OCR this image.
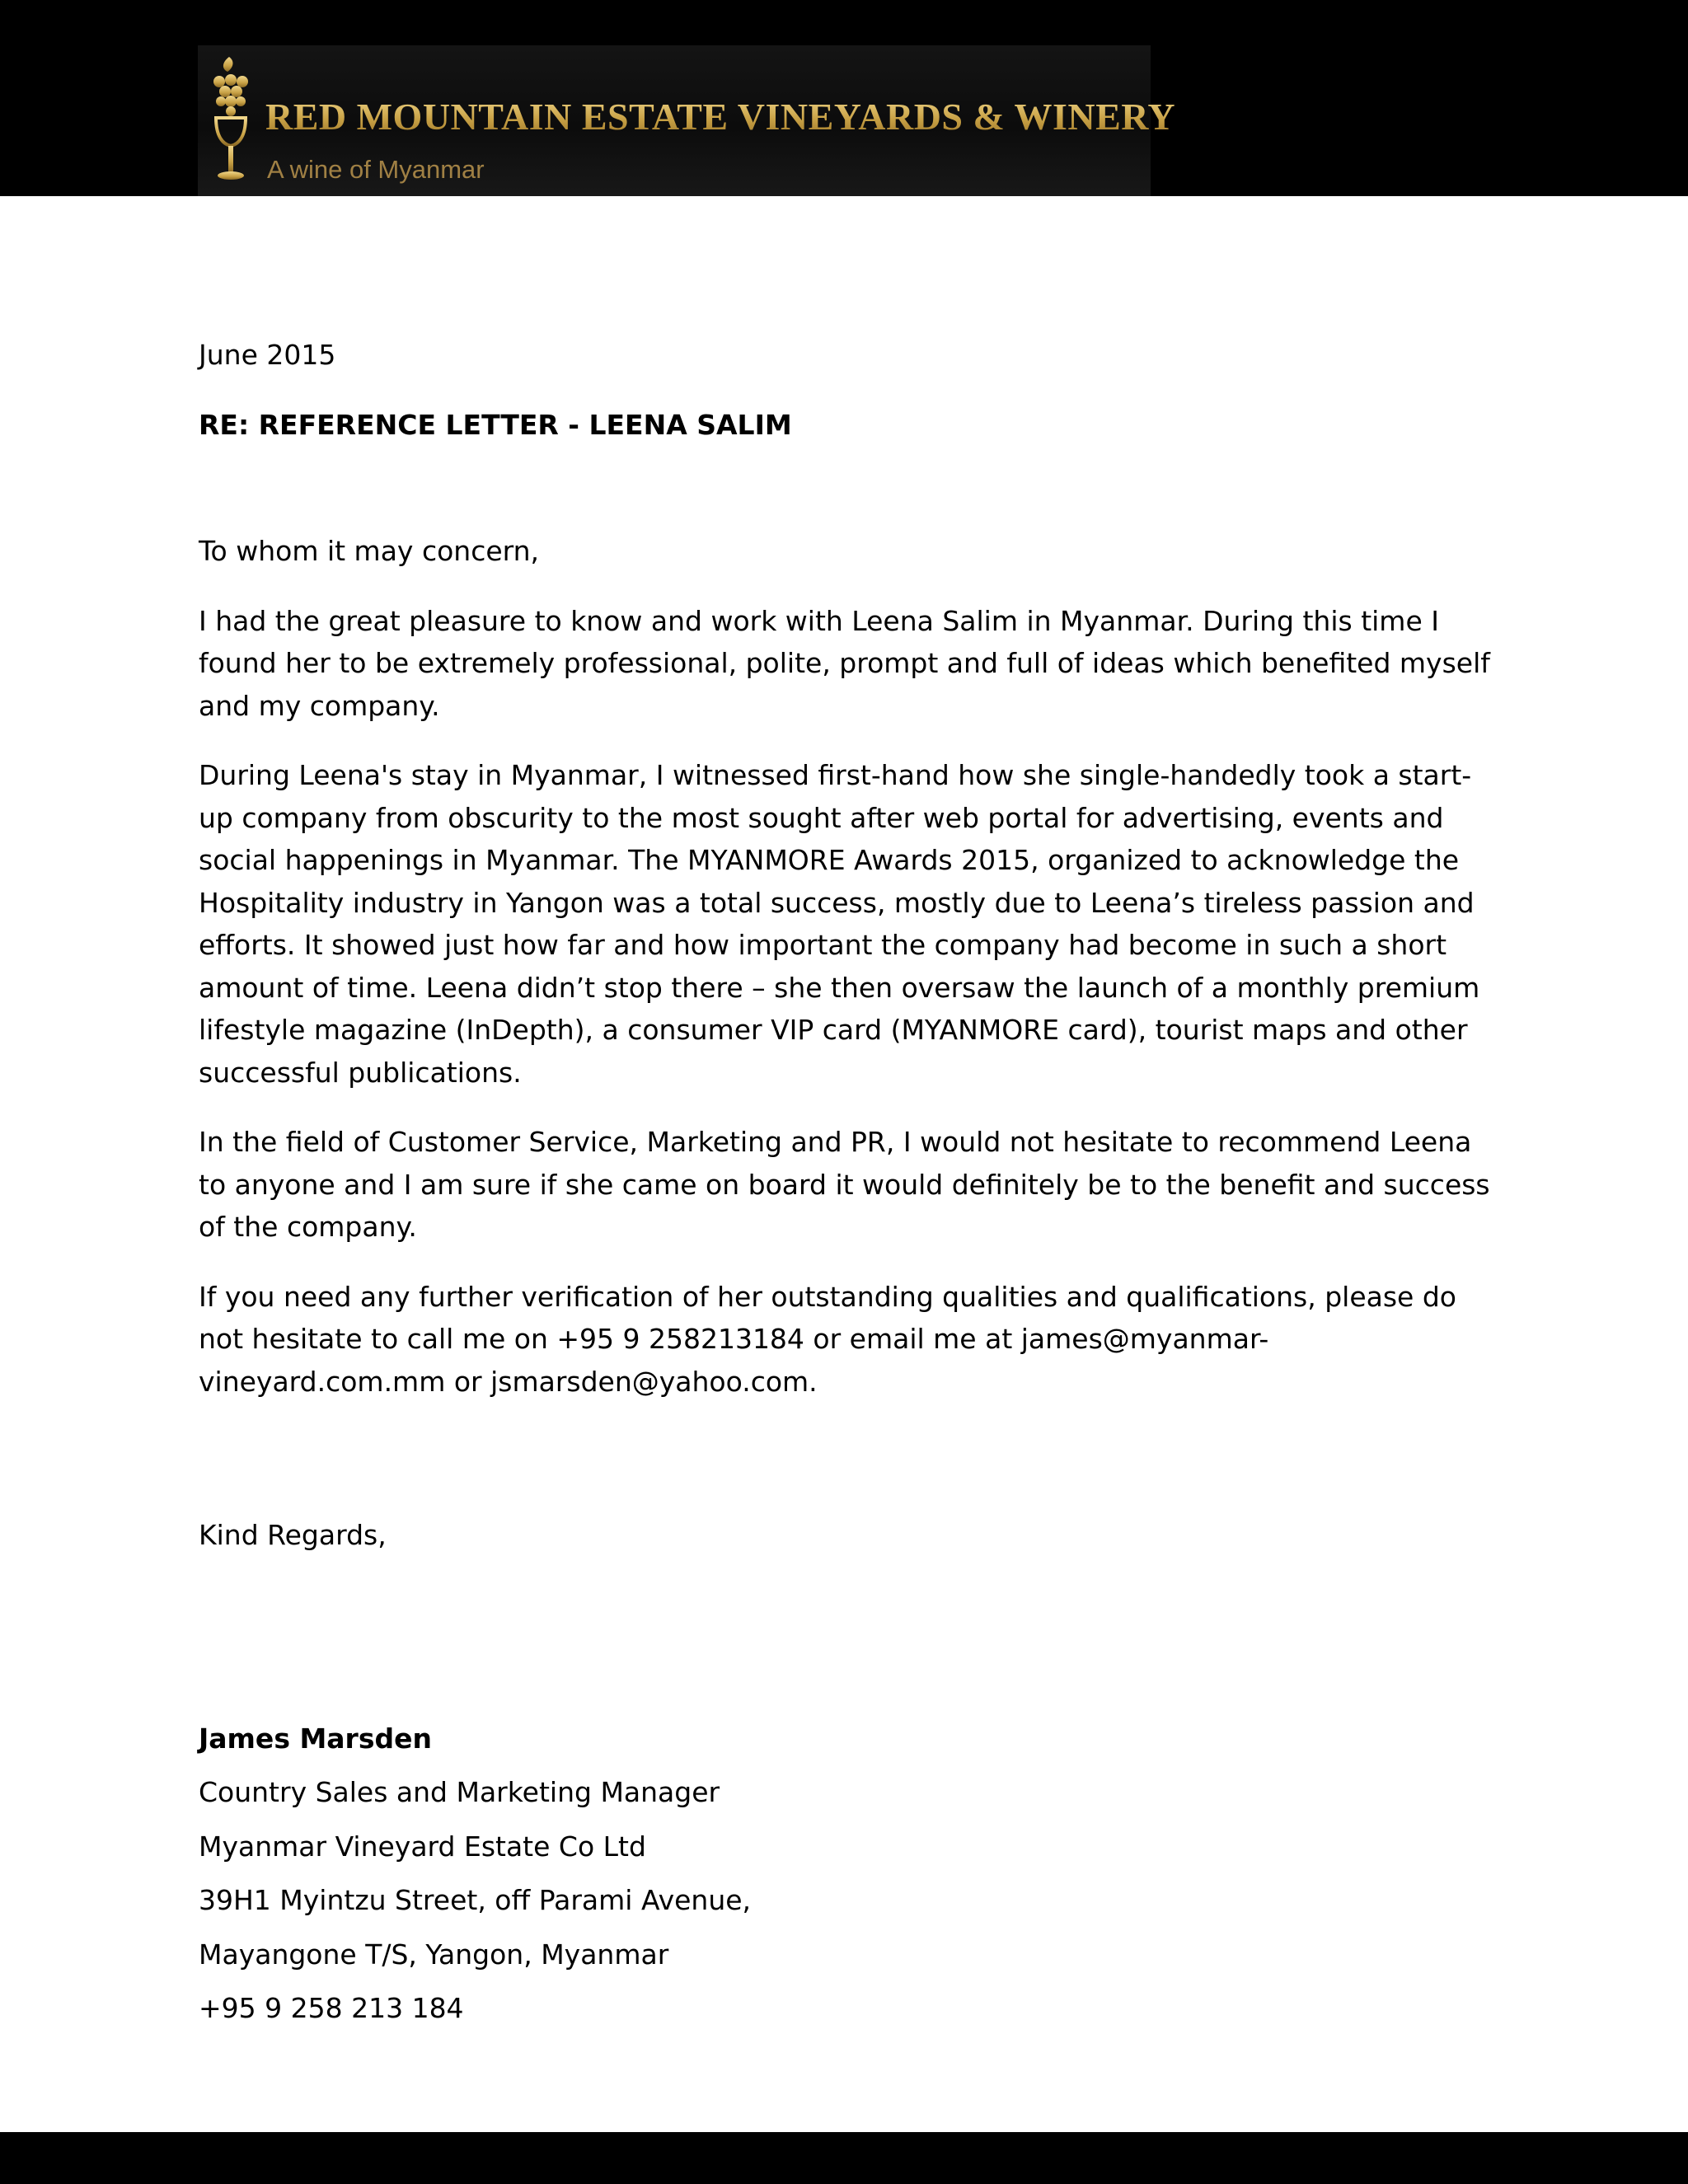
RED MOUNTAIN ESTATE VINEYARDS & WINERY
A wine of Myanmar

June 2015

RE: REFERENCE LETTER - LEENA SALIM

To whom it may concern,

I had the great pleasure to know and work with Leena Salim in Myanmar. During this time I found her to be extremely professional, polite, prompt and full of ideas which benefited myself and my company.

During Leena's stay in Myanmar, I witnessed first-hand how she single-handedly took a start-up company from obscurity to the most sought after web portal for advertising, events and social happenings in Myanmar. The MYANMORE Awards 2015, organized to acknowledge the Hospitality industry in Yangon was a total success, mostly due to Leena’s tireless passion and efforts. It showed just how far and how important the company had become in such a short amount of time. Leena didn’t stop there – she then oversaw the launch of a monthly premium lifestyle magazine (InDepth), a consumer VIP card (MYANMORE card), tourist maps and other successful publications.

In the field of Customer Service, Marketing and PR, I would not hesitate to recommend Leena to anyone and I am sure if she came on board it would definitely be to the benefit and success of the company.

If you need any further verification of her outstanding qualities and qualifications, please do not hesitate to call me on +95 9 258213184 or email me at james@myanmar-vineyard.com.mm or jsmarsden@yahoo.com.

Kind Regards,

James Marsden

Country Sales and Marketing Manager

Myanmar Vineyard Estate Co Ltd

39H1 Myintzu Street, off Parami Avenue,

Mayangone T/S, Yangon, Myanmar

+95 9 258 213 184
